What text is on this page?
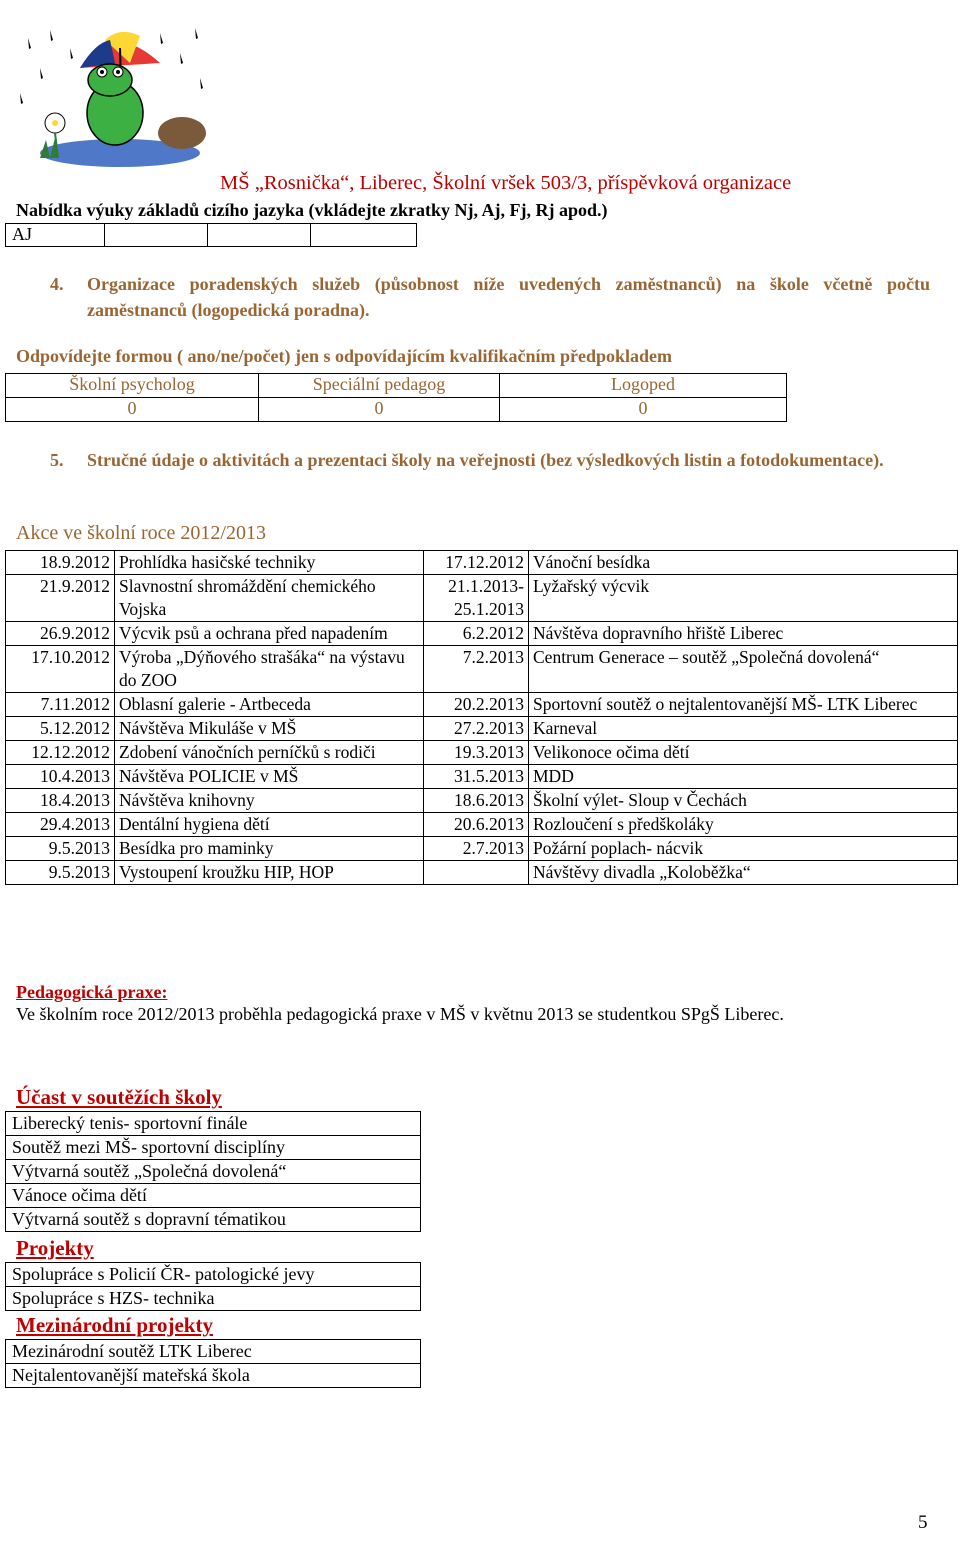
MŠ „Rosnička“, Liberec, Školní vršek 503/3, příspěvková organizace
Nabídka výuky základů cizího jazyka (vkládejte zkratky Nj, Aj, Fj, Rj apod.)
AJ			
4. Organizace poradenských služeb (působnost níže uvedených zaměstnanců) na škole včetně počtu zaměstnanců (logopedická poradna).
Odpovídejte formou ( ano/ne/počet) jen s odpovídajícím kvalifikačním předpokladem
Školní psycholog	Speciální pedagog	Logoped
0	0	0
5. Stručné údaje o aktivitách a prezentaci školy na veřejnosti (bez výsledkových listin a fotodokumentace).
Akce ve školní roce 2012/2013
18.9.2012	Prohlídka hasičské techniky	17.12.2012	Vánoční besídka
21.9.2012	Slavnostní shromáždění chemického Vojska	21.1.2013- 25.1.2013	Lyžařský výcvik
26.9.2012	Výcvik psů a ochrana před napadením	6.2.2012	Návštěva dopravního hřiště Liberec
17.10.2012	Výroba „Dýňového strašáka“ na výstavu do ZOO	7.2.2013	Centrum Generace – soutěž „Společná dovolená“
7.11.2012	Oblasní galerie - Artbeceda	20.2.2013	Sportovní soutěž o nejtalentovanější MŠ- LTK Liberec
5.12.2012	Návštěva Mikuláše v MŠ	27.2.2013	Karneval
12.12.2012	Zdobení vánočních perníčků s rodiči	19.3.2013	Velikonoce očima dětí
10.4.2013	Návštěva POLICIE v MŠ	31.5.2013	MDD
18.4.2013	Návštěva knihovny	18.6.2013	Školní výlet- Sloup v Čechách
29.4.2013	Dentální hygiena dětí	20.6.2013	Rozloučení s předškoláky
9.5.2013	Besídka pro maminky	2.7.2013	Požární poplach- nácvik
9.5.2013	Vystoupení kroužku HIP, HOP		Návštěvy divadla „Koloběžka“
Pedagogická praxe:
Ve školním roce 2012/2013 proběhla pedagogická praxe v MŠ v květnu 2013 se studentkou SPgŠ Liberec.
Účast v soutěžích školy
Liberecký tenis- sportovní finále
Soutěž mezi MŠ- sportovní disciplíny
Výtvarná soutěž „Společná dovolená“
Vánoce očima dětí
Výtvarná soutěž s dopravní tématikou
Projekty
Spolupráce s Policií ČR- patologické jevy
Spolupráce s HZS- technika
Mezinárodní projekty
Mezinárodní soutěž LTK Liberec
Nejtalentovanější mateřská škola
5
